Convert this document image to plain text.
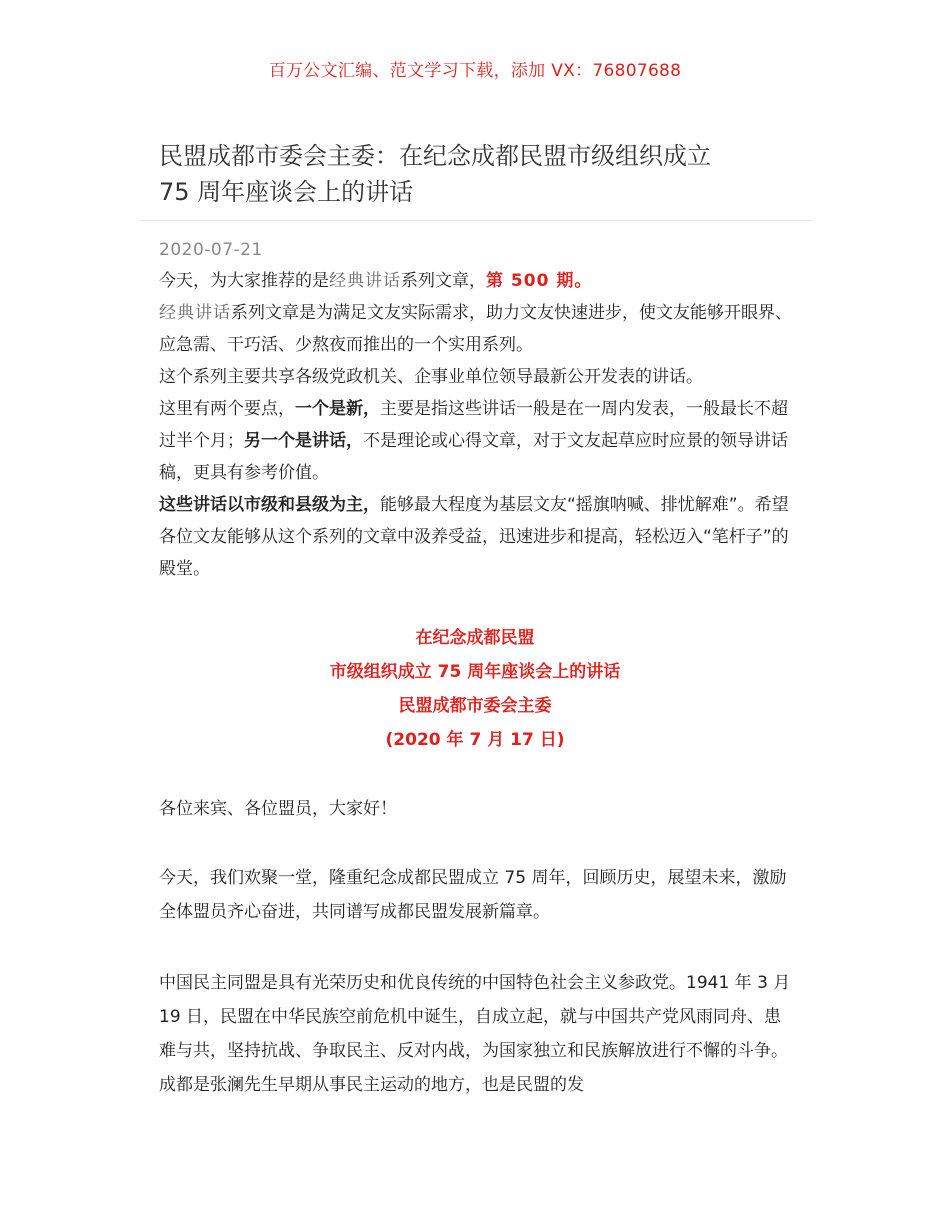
百万公文汇编、范文学习下载，添加 VX：76807688
民盟成都市委会主委：在纪念成都民盟市级组织成立
75 周年座谈会上的讲话
2020-07-21

今天，为大家推荐的是经典讲话系列文章，第 500 期。

经典讲话系列文章是为满足文友实际需求，助力文友快速进步，使文友能够开眼界、应急需、干巧活、少熬夜而推出的一个实用系列。

这个系列主要共享各级党政机关、企事业单位领导最新公开发表的讲话。

这里有两个要点，一个是新，主要是指这些讲话一般是在一周内发表，一般最长不超过半个月；另一个是讲话，不是理论或心得文章，对于文友起草应时应景的领导讲话稿，更具有参考价值。

这些讲话以市级和县级为主，能够最大程度为基层文友“摇旗呐喊、排忧解难”。希望各位文友能够从这个系列的文章中汲养受益，迅速进步和提高，轻松迈入“笔杆子”的殿堂。

在纪念成都民盟
市级组织成立 75 周年座谈会上的讲话
民盟成都市委会主委
(2020 年 7 月 17 日)

各位来宾、各位盟员，大家好！

今天，我们欢聚一堂，隆重纪念成都民盟成立 75 周年，回顾历史，展望未来，激励全体盟员齐心奋进，共同谱写成都民盟发展新篇章。

中国民主同盟是具有光荣历史和优良传统的中国特色社会主义参政党。1941 年 3 月 19 日，民盟在中华民族空前危机中诞生，自成立起，就与中国共产党风雨同舟、患难与共，坚持抗战、争取民主、反对内战，为国家独立和民族解放进行不懈的斗争。成都是张澜先生早期从事民主运动的地方，也是民盟的发
